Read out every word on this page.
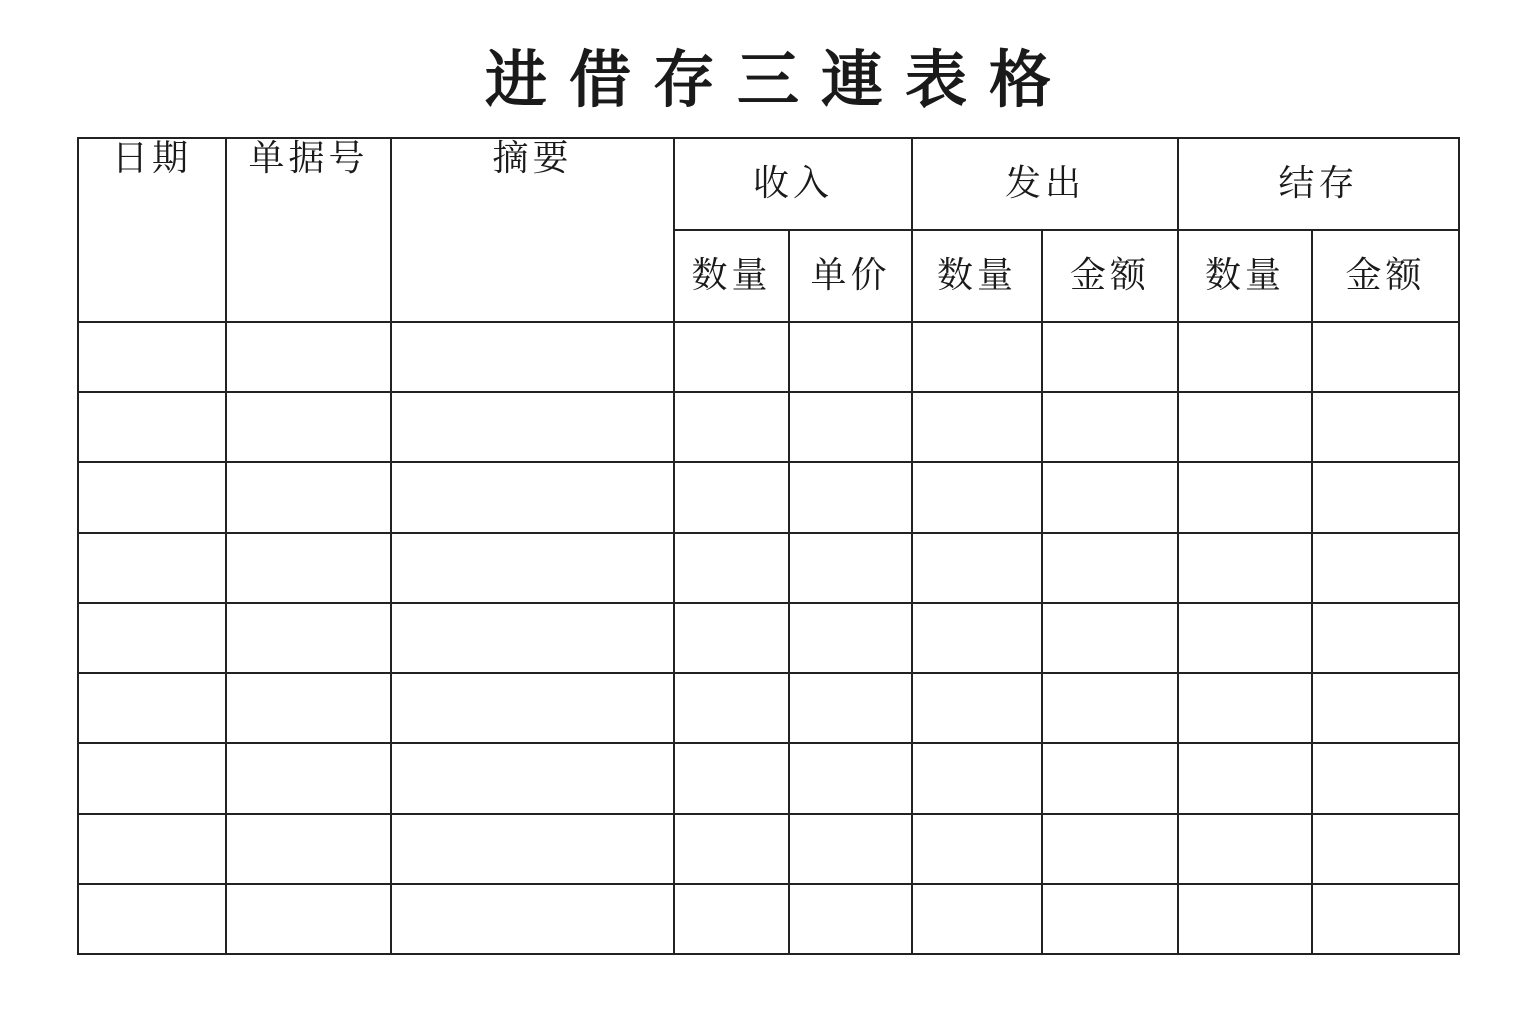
进借存三連表格
日期	单据号	摘要	收入		发出		结存	
			数量	单价	数量	金额	数量	金额
